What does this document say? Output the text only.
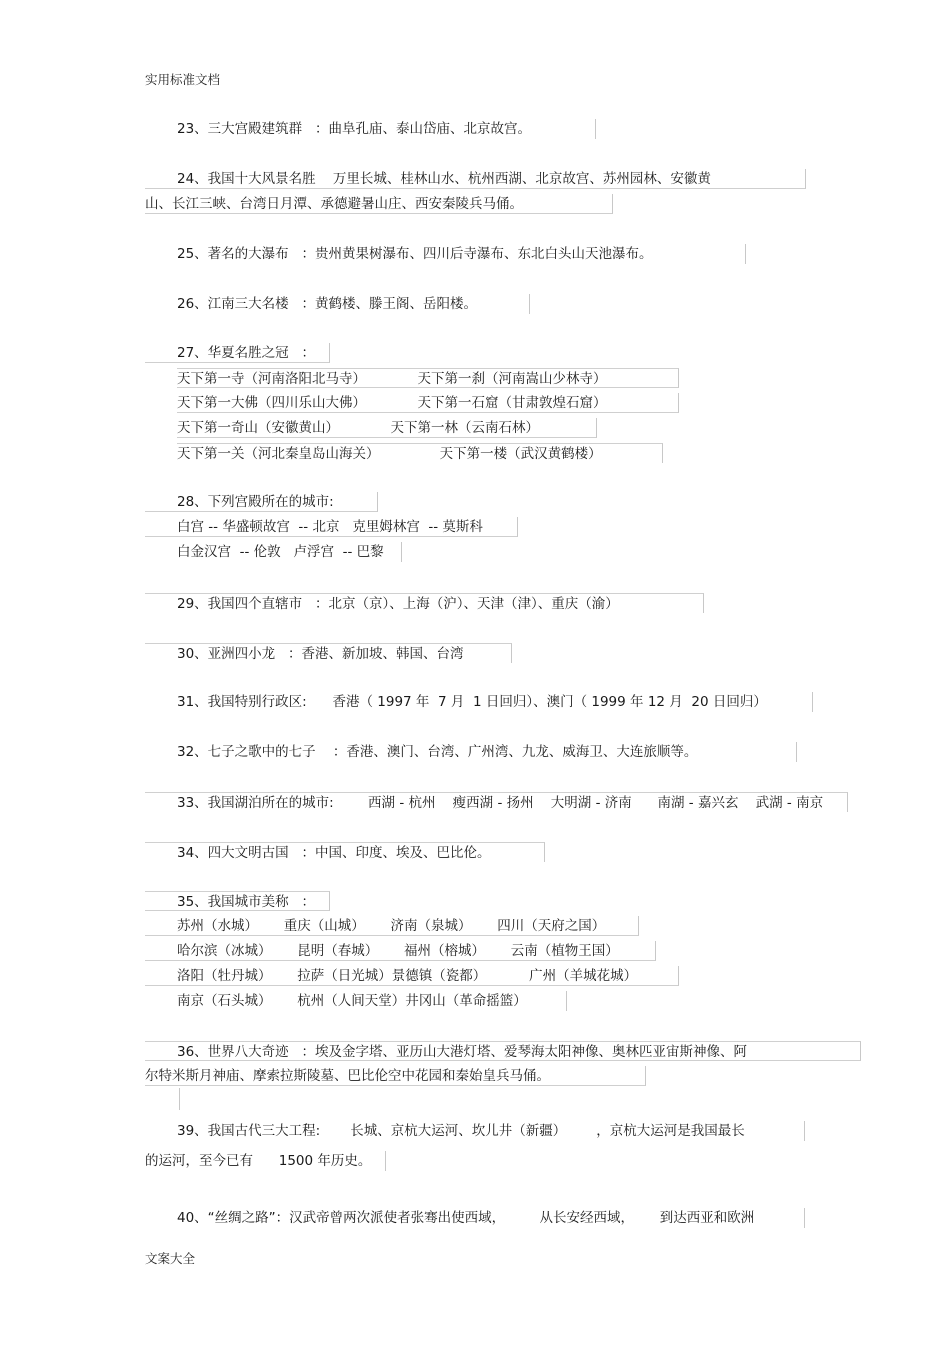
实用标准文档
23、三大宫殿建筑群   ：曲阜孔庙、泰山岱庙、北京故宫。
24、我国十大风景名胜    万里长城、桂林山水、杭州西湖、北京故宫、苏州园林、安徽黄
山、长江三峡、台湾日月潭、承德避暑山庄、西安秦陵兵马俑。
25、著名的大瀑布   ：贵州黄果树瀑布、四川后寺瀑布、东北白头山天池瀑布。
26、江南三大名楼   ：黄鹤楼、滕王阁、岳阳楼。
27、华夏名胜之冠   ：
天下第一寺（河南洛阳北马寺）            天下第一刹（河南嵩山少林寺）
天下第一大佛（四川乐山大佛）            天下第一石窟（甘肃敦煌石窟）
天下第一奇山（安徽黄山）            天下第一林（云南石林）
天下第一关（河北秦皇岛山海关）              天下第一楼（武汉黄鹤楼）
28、下列宫殿所在的城市:
白宫 -- 华盛顿故宫  -- 北京   克里姆林宫  -- 莫斯科
白金汉宫  -- 伦敦   卢浮宫  -- 巴黎
29、我国四个直辖市   ：北京（京）、上海（沪）、天津（津）、重庆（渝）
30、亚洲四小龙   ：香港、新加坡、韩国、台湾
31、我国特别行政区:      香港（ 1997 年  7 月  1 日回归）、澳门（ 1999 年 12 月  20 日回归）
32、七子之歌中的七子    ：香港、澳门、台湾、广州湾、九龙、威海卫、大连旅顺等。
33、我国湖泊所在的城市:        西湖 - 杭州    瘦西湖 - 扬州    大明湖 - 济南      南湖 - 嘉兴玄    武湖 - 南京
34、四大文明古国   ：中国、印度、埃及、巴比伦。
35、我国城市美称   ：
苏州（水城）      重庆（山城）      济南（泉城）      四川（天府之国）
哈尔滨（冰城）      昆明（春城）      福州（榕城）      云南（植物王国）
洛阳（牡丹城）      拉萨（日光城）景德镇（瓷都）          广州（羊城花城）
南京（石头城）      杭州（人间天堂）井冈山（革命摇篮）
36、世界八大奇迹   ：埃及金字塔、亚历山大港灯塔、爱琴海太阳神像、奥林匹亚宙斯神像、阿
尔特米斯月神庙、摩索拉斯陵墓、巴比伦空中花园和秦始皇兵马俑。
39、我国古代三大工程:       长城、京杭大运河、坎儿井（新疆）       ，京杭大运河是我国最长
的运河，至今已有      1500 年历史。
40、“丝绸之路”：汉武帝曾两次派使者张骞出使西域，        从长安经西域，      到达西亚和欧洲
文案大全
